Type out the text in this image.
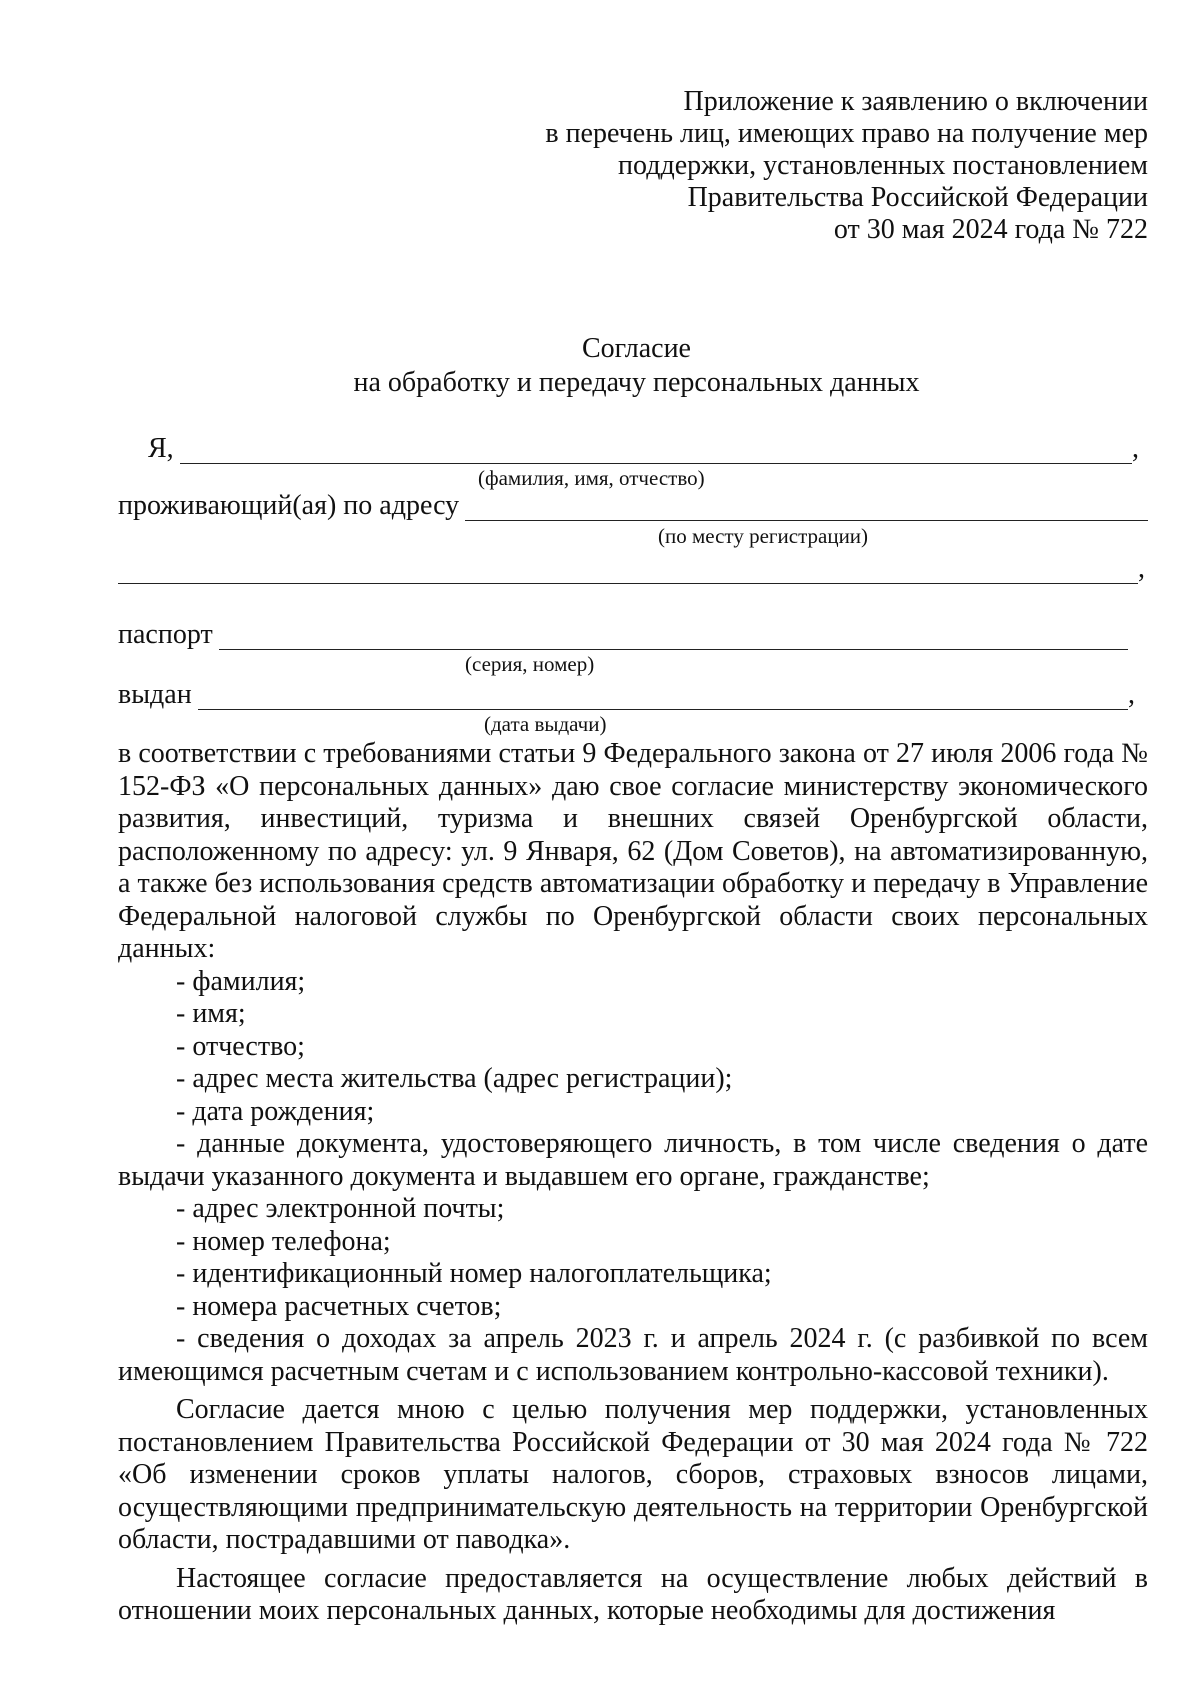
Приложение к заявлению о включении
в перечень лиц, имеющих право на получение мер
поддержки, установленных постановлением
Правительства Российской Федерации
от 30 мая 2024 года № 722
Согласие
на обработку и передачу персональных данных
Я,	,
(фамилия, имя, отчество)
проживающий(ая) по адресу
(по месту регистрации)
,
паспорт
(серия, номер)
выдан	,
(дата выдачи)

в соответствии с требованиями статьи 9 Федерального закона от 27 июля 2006 года № 152-ФЗ «О персональных данных» даю свое согласие министерству экономического развития, инвестиций, туризма и внешних связей Оренбургской области, расположенному по адресу: ул. 9 Января, 62 (Дом Советов), на автоматизированную, а также без использования средств автоматизации обработку и передачу в Управление Федеральной налоговой службы по Оренбургской области своих персональных данных:

- фамилия;

- имя;

- отчество;

- адрес места жительства (адрес регистрации);

- дата рождения;

- данные документа, удостоверяющего личность, в том числе сведения о дате выдачи указанного документа и выдавшем его органе, гражданстве;

- адрес электронной почты;

- номер телефона;

- идентификационный номер налогоплательщика;

- номера расчетных счетов;

- сведения о доходах за апрель 2023 г. и апрель 2024 г. (с разбивкой по всем имеющимся расчетным счетам и с использованием контрольно-кассовой техники).

Согласие дается мною с целью получения мер поддержки, установленных постановлением Правительства Российской Федерации от 30 мая 2024 года № 722 «Об изменении сроков уплаты налогов, сборов, страховых взносов лицами, осуществляющими предпринимательскую деятельность на территории Оренбургской области, пострадавшими от паводка».

Настоящее согласие предоставляется на осуществление любых действий в отношении моих персональных данных, которые необходимы для достижения
